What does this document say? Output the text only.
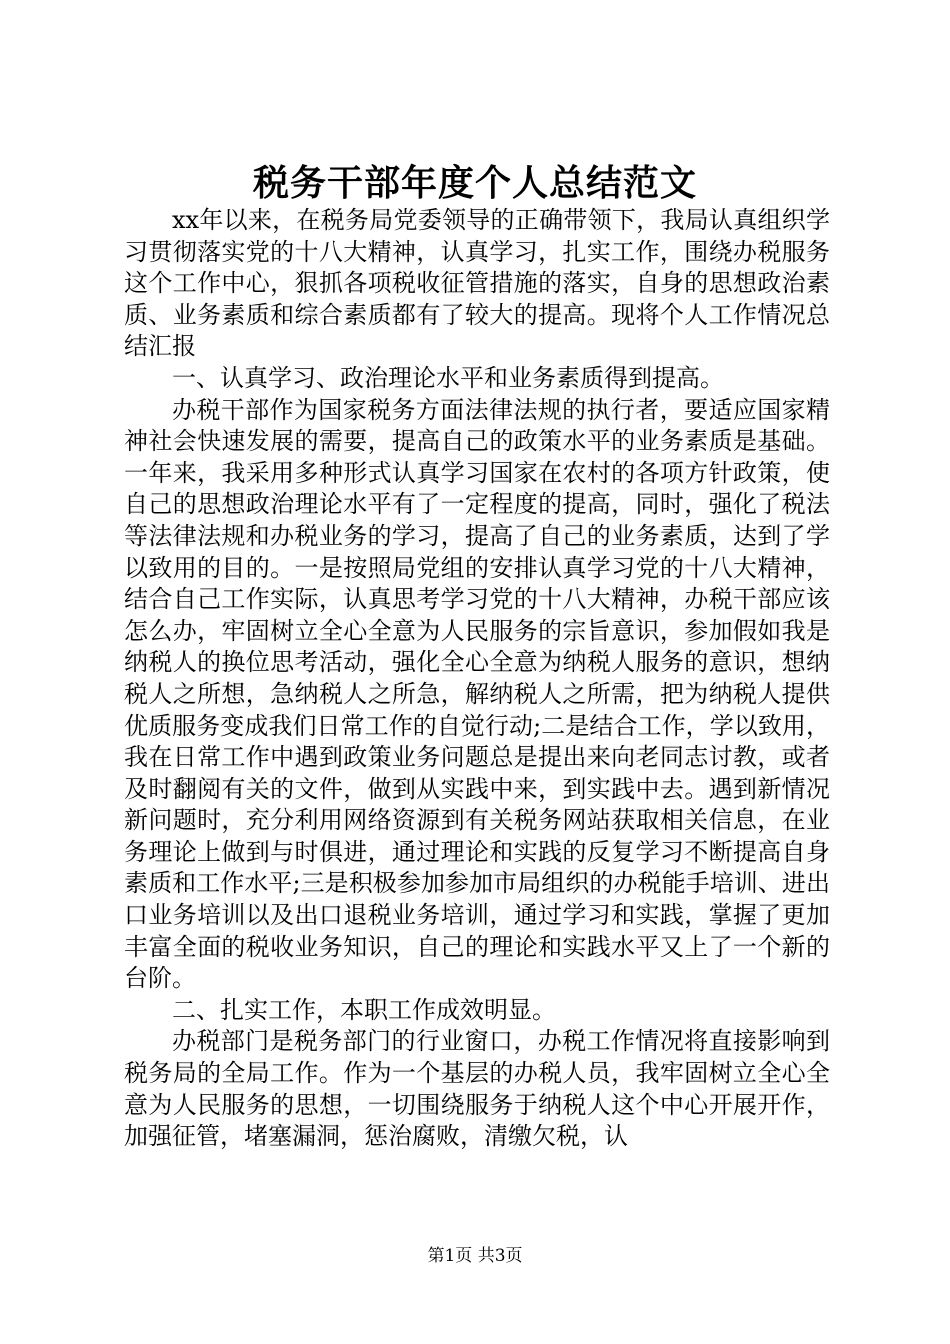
税务干部年度个人总结范文

xx年以来，在税务局党委领导的正确带领下，我局认真组织学习贯彻落实党的十八大精神，认真学习，扎实工作，围绕办税服务这个工作中心，狠抓各项税收征管措施的落实，自身的思想政治素质、业务素质和综合素质都有了较大的提高。现将个人工作情况总结汇报

一、认真学习、政治理论水平和业务素质得到提高。

办税干部作为国家税务方面法律法规的执行者，要适应国家精神社会快速发展的需要，提高自己的政策水平的业务素质是基础。一年来，我采用多种形式认真学习国家在农村的各项方针政策，使自己的思想政治理论水平有了一定程度的提高，同时，强化了税法等法律法规和办税业务的学习，提高了自己的业务素质，达到了学以致用的目的。一是按照局党组的安排认真学习党的十八大精神，结合自己工作实际，认真思考学习党的十八大精神，办税干部应该怎么办，牢固树立全心全意为人民服务的宗旨意识，参加假如我是纳税人的换位思考活动，强化全心全意为纳税人服务的意识，想纳税人之所想，急纳税人之所急，解纳税人之所需，把为纳税人提供优质服务变成我们日常工作的自觉行动;二是结合工作，学以致用，我在日常工作中遇到政策业务问题总是提出来向老同志讨教，或者及时翻阅有关的文件，做到从实践中来，到实践中去。遇到新情况新问题时，充分利用网络资源到有关税务网站获取相关信息，在业务理论上做到与时俱进，通过理论和实践的反复学习不断提高自身素质和工作水平;三是积极参加参加市局组织的办税能手培训、进出口业务培训以及出口退税业务培训，通过学习和实践，掌握了更加丰富全面的税收业务知识，自己的理论和实践水平又上了一个新的台阶。

二、扎实工作，本职工作成效明显。

办税部门是税务部门的行业窗口，办税工作情况将直接影响到税务局的全局工作。作为一个基层的办税人员，我牢固树立全心全意为人民服务的思想，一切围绕服务于纳税人这个中心开展开作，加强征管，堵塞漏洞，惩治腐败，清缴欠税，认

第1页 共3页
